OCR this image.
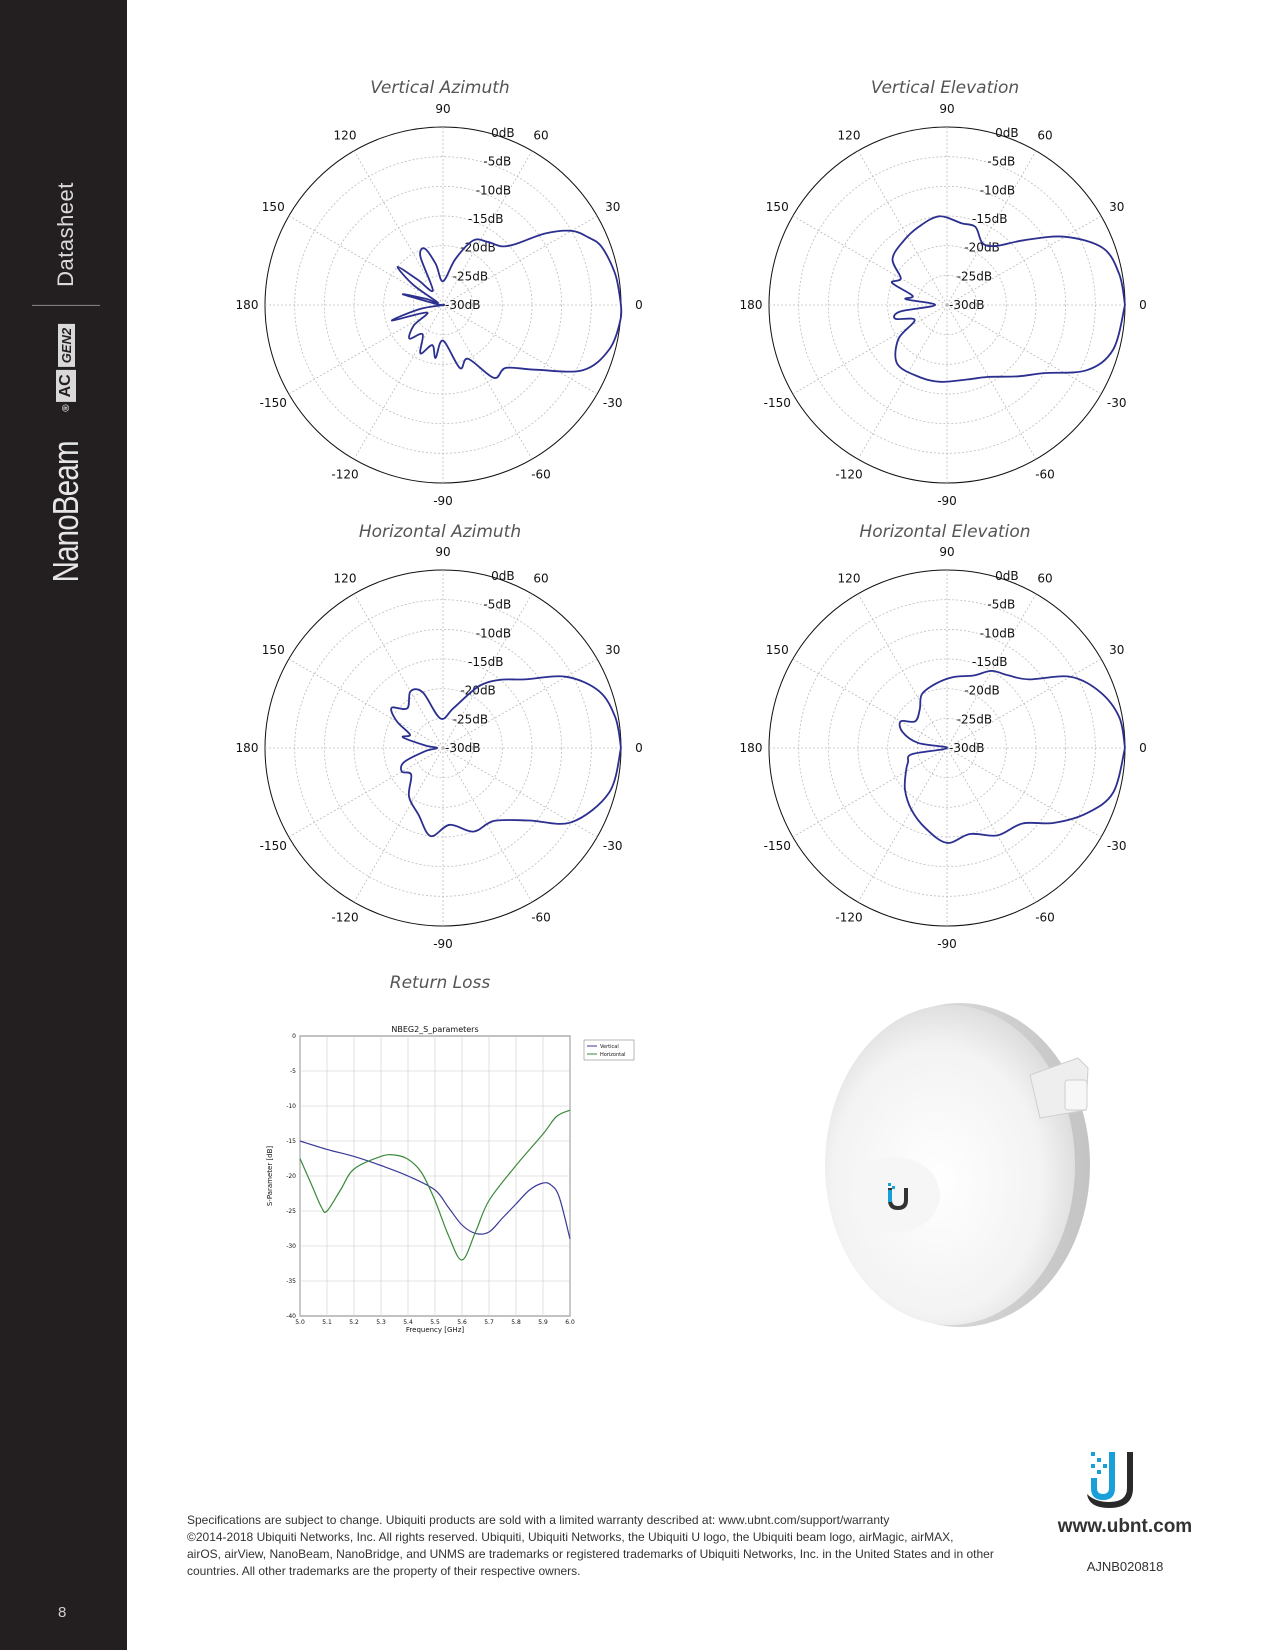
NanoBeam
®
AC
GEN2
Datasheet
8
Vertical Azimuth	Vertical Elevation
Horizontal Azimuth	Horizontal Elevation
Return Loss
0
30
60
90
120
150
180
-150
-120
-90
-60
-30
0dB
-5dB
-10dB
-15dB
-20dB
-25dB
-30dB	0
30
60
90
120
150
180
-150
-120
-90
-60
-30
0dB
-5dB
-10dB
-15dB
-20dB
-25dB
-30dB
0
30
60
90
120
150
180
-150
-120
-90
-60
-30
0dB
-5dB
-10dB
-15dB
-20dB
-25dB
-30dB	0
30
60
90
120
150
180
-150
-120
-90
-60
-30
0dB
-5dB
-10dB
-15dB
-20dB
-25dB
-30dB
NBEG2_S_parameters
5.0	5.1	5.2	5.3	5.4	5.5	5.6	5.7	5.8	5.9	6.0
0
-5
-10
-15
-20
-25
-30
-35
-40
Frequency [GHz]
S-Parameter [dB]
Vertical
Horizontal

Specifications are subject to change. Ubiquiti products are sold with a limited warranty described at: www.ubnt.com/support/warranty

©2014-2018 Ubiquiti Networks, Inc. All rights reserved. Ubiquiti, Ubiquiti Networks, the Ubiquiti U logo, the Ubiquiti beam logo, airMagic, airMAX,

airOS, airView, NanoBeam, NanoBridge, and UNMS are trademarks or registered trademarks of Ubiquiti Networks, Inc. in the United States and in other

countries. All other trademarks are the property of their respective owners.

www.ubnt.com
AJNB020818
